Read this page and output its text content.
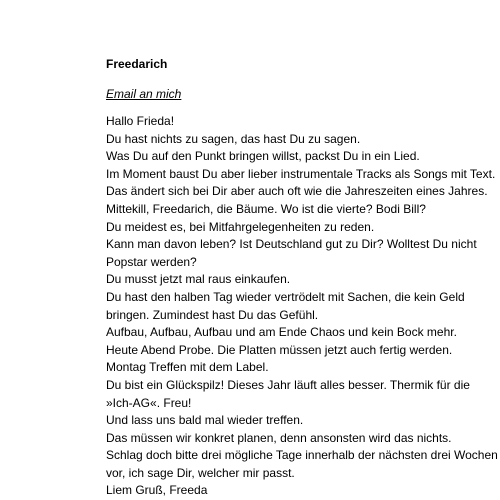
Freedarich
Email an mich
Hallo Frieda!
Du hast nichts zu sagen, das hast Du zu sagen.
Was Du auf den Punkt bringen willst, packst Du in ein Lied.
Im Moment baust Du aber lieber instrumentale Tracks als Songs mit Text.
Das ändert sich bei Dir aber auch oft wie die Jahreszeiten eines Jahres.
Mittekill, Freedarich, die Bäume. Wo ist die vierte? Bodi Bill?
Du meidest es, bei Mitfahrgelegenheiten zu reden.
Kann man davon leben? Ist Deutschland gut zu Dir? Wolltest Du nicht
Popstar werden?
Du musst jetzt mal raus einkaufen.
Du hast den halben Tag wieder vertrödelt mit Sachen, die kein Geld
bringen. Zumindest hast Du das Gefühl.
Aufbau, Aufbau, Aufbau und am Ende Chaos und kein Bock mehr.
Heute Abend Probe. Die Platten müssen jetzt auch fertig werden.
Montag Treffen mit dem Label.
Du bist ein Glückspilz! Dieses Jahr läuft alles besser. Thermik für die
»Ich-AG«. Freu!
Und lass uns bald mal wieder treffen.
Das müssen wir konkret planen, denn ansonsten wird das nichts.
Schlag doch bitte drei mögliche Tage innerhalb der nächsten drei Wochen
vor, ich sage Dir, welcher mir passt.
Liem Gruß, Freeda
